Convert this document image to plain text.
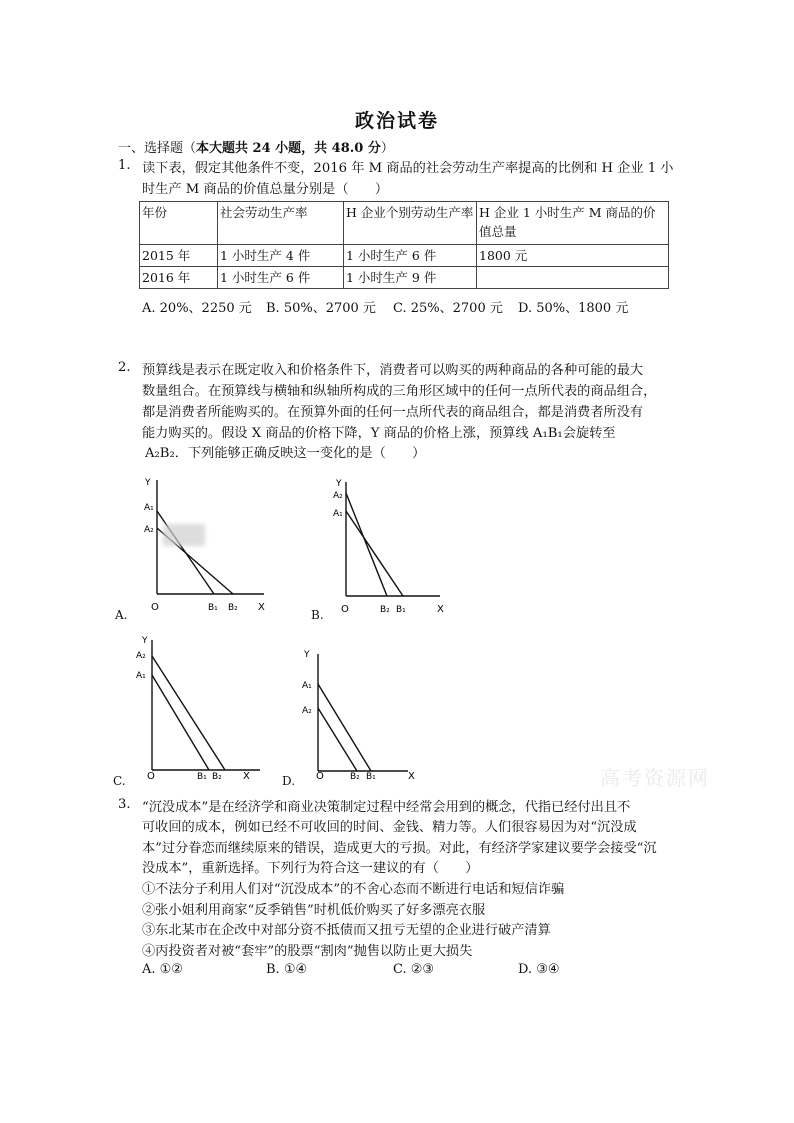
政治试卷
一、选择题（本大题共 24 小题，共 48.0 分）
1. 读下表，假定其他条件不变，2016 年 M 商品的社会劳动生产率提高的比例和 H 企业 1 小
时生产 M 商品的价值总量分别是（　　）
年份	社会劳动生产率	H 企业个别劳动生产率	H 企业 1 小时生产 M 商品的价值总量
2015 年	1 小时生产 4 件	1 小时生产 6 件	1800 元
2016 年	1 小时生产 6 件	1 小时生产 9 件	
A. 20%、2250 元 B. 50%、2700 元 C. 25%、2700 元 D. 50%、1800 元
2. 预算线是表示在既定收入和价格条件下，消费者可以购买的两种商品的各种可能的最大
数量组合。在预算线与横轴和纵轴所构成的三角形区域中的任何一点所代表的商品组合，
都是消费者所能购买的。在预算外面的任何一点所代表的商品组合，都是消费者所没有
能力购买的。假设 X 商品的价格下降，Y 商品的价格上涨，预算线 A₁B₁会旋转至
A₂B₂．下列能够正确反映这一变化的是（　　）
Y
A₁
A₂
O	B₁ B₂ X
A.
Y
A₂
A₁
O	B₂ B₁	X
B.
Y
A₂
A₁
O	B₁ B₂ X
C.
Y
A₁
A₂
O	B₂ B₁	X
D.	高考资源网
3. “沉没成本”是在经济学和商业决策制定过程中经常会用到的概念，代指已经付出且不
可收回的成本，例如已经不可收回的时间、金钱、精力等。人们很容易因为对“沉没成
本”过分眷恋而继续原来的错误，造成更大的亏损。对此，有经济学家建议要学会接受“沉
没成本”，重新选择。下列行为符合这一建议的有（　　）
①不法分子利用人们对“沉没成本”的不舍心态而不断进行电话和短信诈骗
②张小姐利用商家“反季销售”时机低价购买了好多漂亮衣服
③东北某市在企改中对部分资不抵债而又扭亏无望的企业进行破产清算
④丙投资者对被“套牢”的股票“割肉”抛售以防止更大损失
A. ①②	B. ①④	C. ②③	D. ③④
